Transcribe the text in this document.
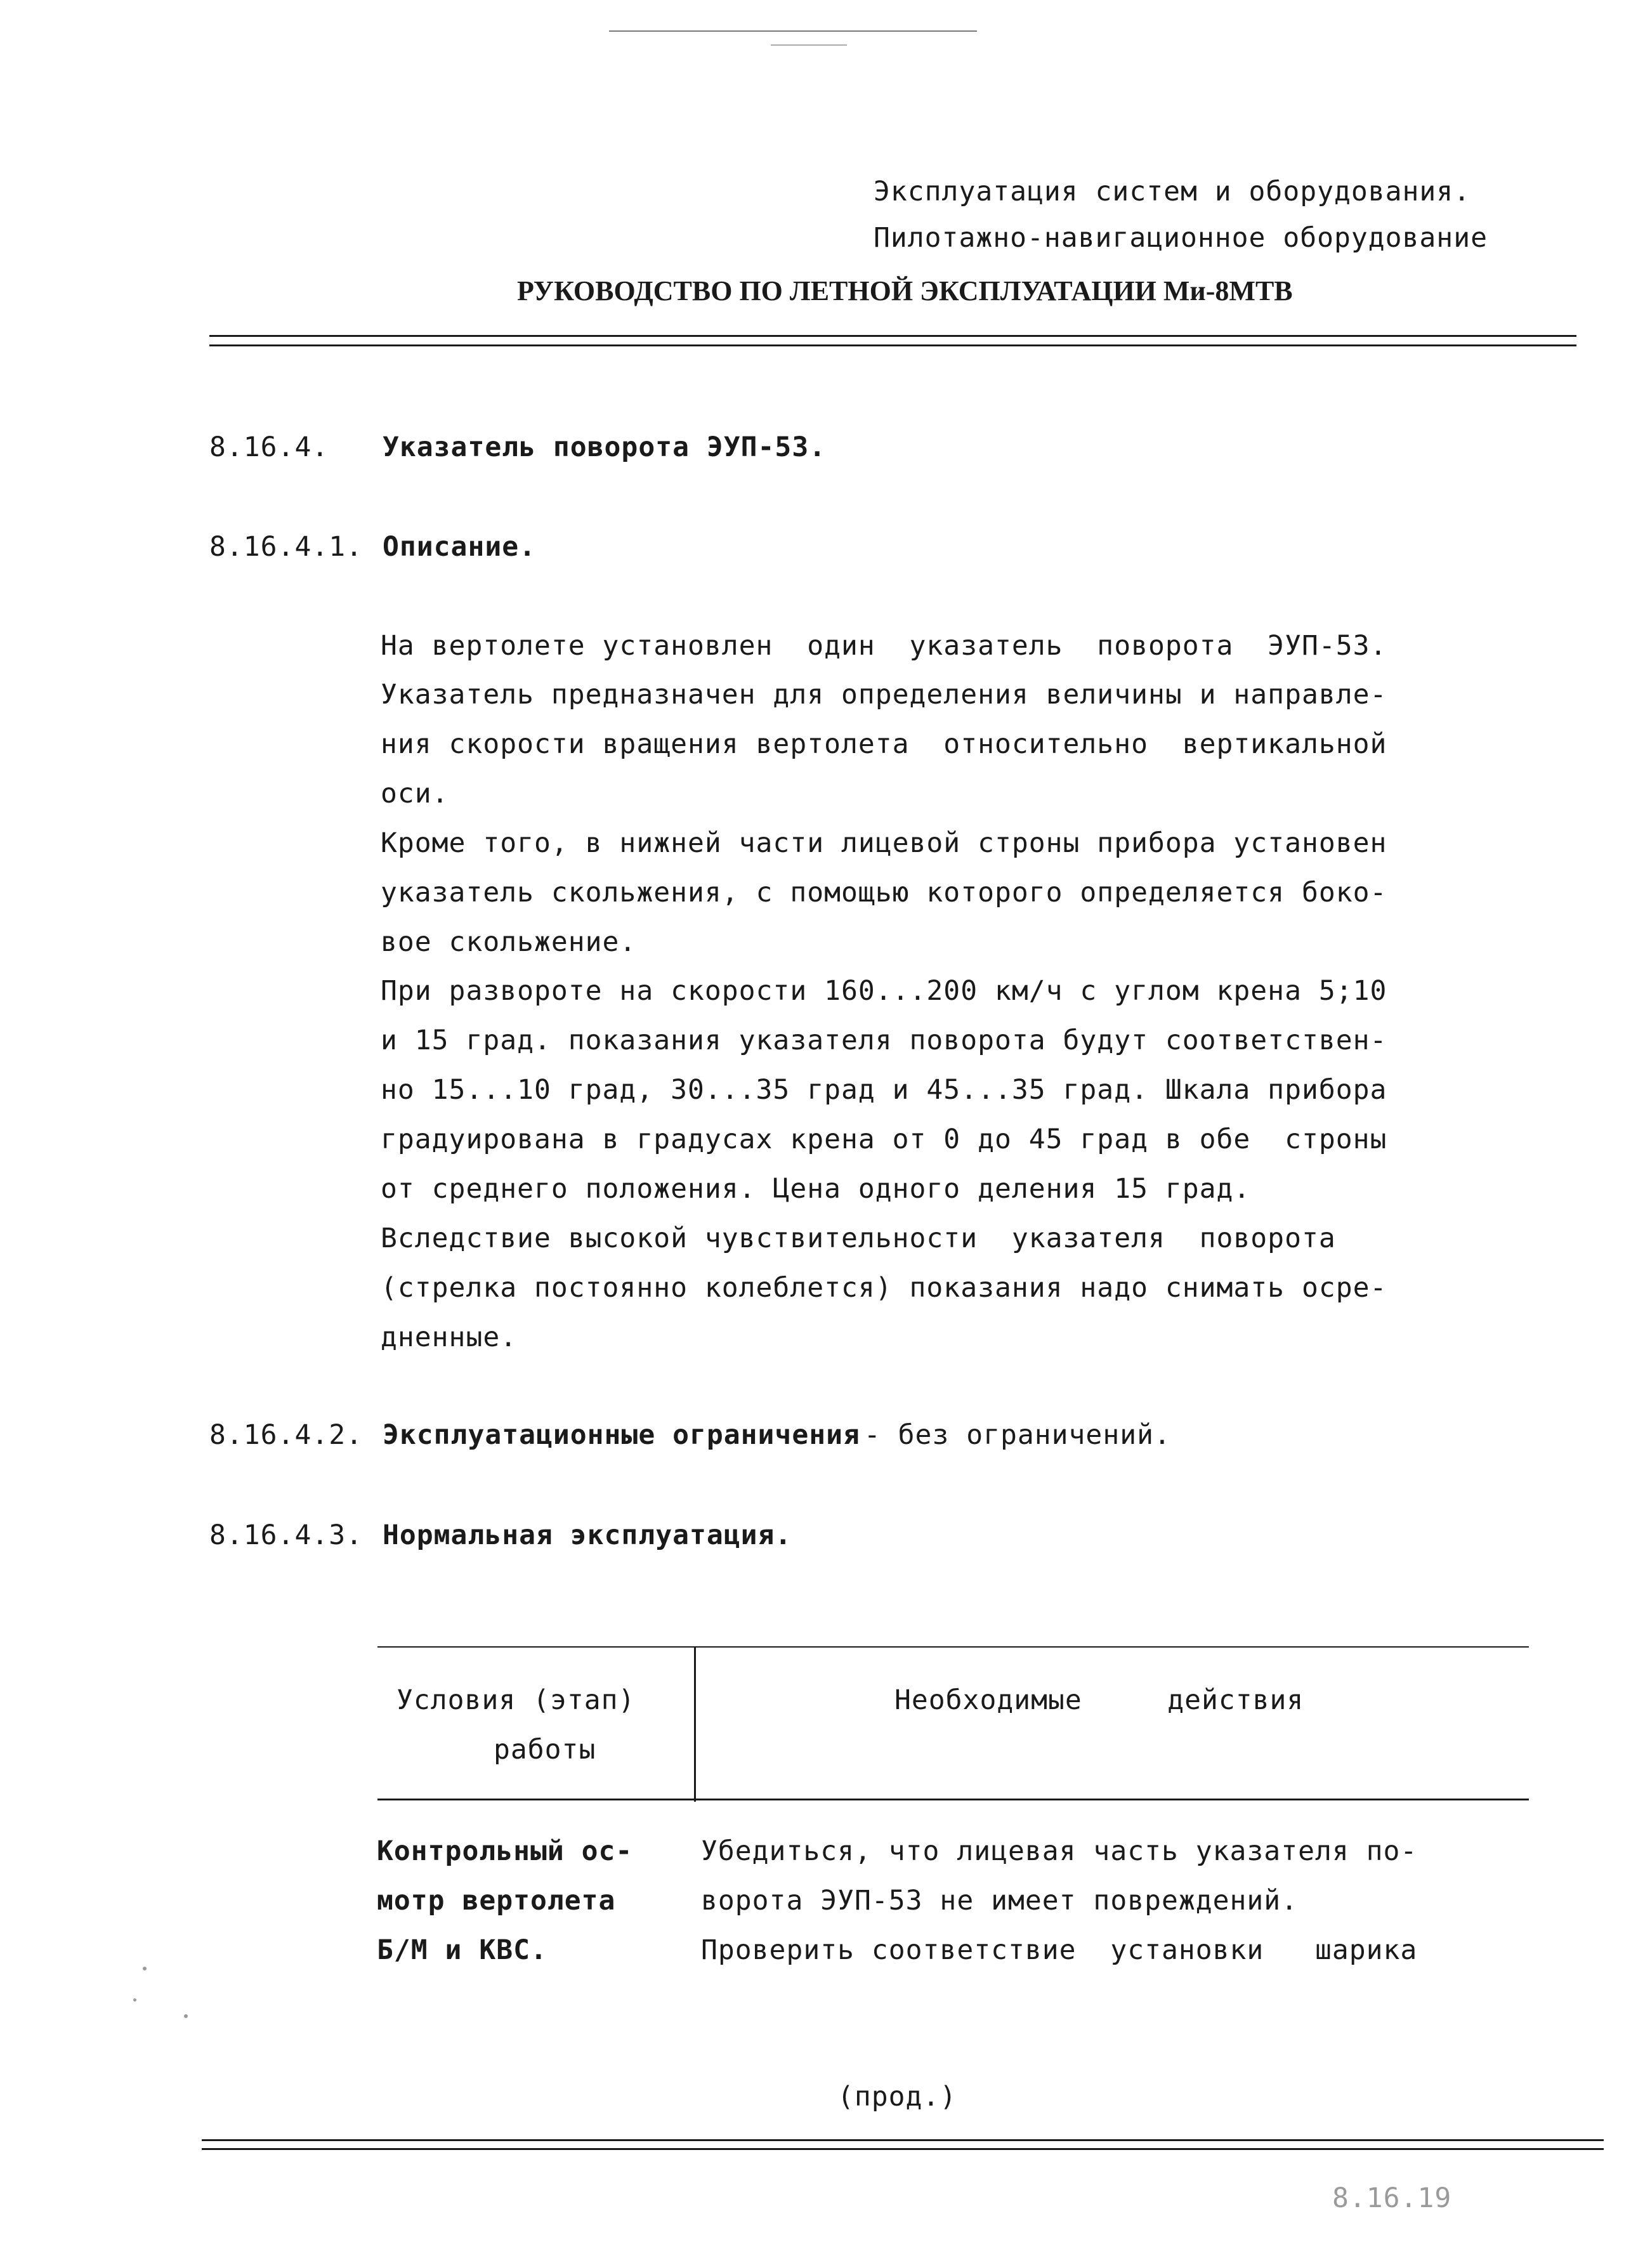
Эксплуатация систем и оборудования.
Пилотажно-навигационное оборудование
РУКОВОДСТВО ПО ЛЕТНОЙ ЭКСПЛУАТАЦИИ Ми-8МТВ
8.16.4. Указатель поворота ЭУП-53.
8.16.4.1. Описание.
На вертолете установлен  один  указатель  поворота  ЭУП-53.
Указатель предназначен для определения величины и направле-
ния скорости вращения вертолета  относительно  вертикальной
оси.
Кроме того, в нижней части лицевой строны прибора установен
указатель скольжения, с помощью которого определяется боко-
вое скольжение.
При развороте на скорости 160...200 км/ч с углом крена 5;10
и 15 град. показания указателя поворота будут соответствен-
но 15...10 град, 30...35 град и 45...35 град. Шкала прибора
градуирована в градусах крена от 0 до 45 град в обе  строны
от среднего положения. Цена одного деления 15 град.
Вследствие высокой чувствительности  указателя  поворота
(стрелка постоянно колеблется) показания надо снимать осре-
дненные.
8.16.4.2. Эксплуатационные ограничения
- без ограничений.
8.16.4.3. Нормальная эксплуатация.
Условия (этап)
работы
Необходимые     действия
Контрольный ос-
мотр вертолета
Б/М и КВС.
Убедиться, что лицевая часть указателя по-
ворота ЭУП-53 не имеет повреждений.
Проверить соответствие  установки   шарика
(прод.)
8.16.19
